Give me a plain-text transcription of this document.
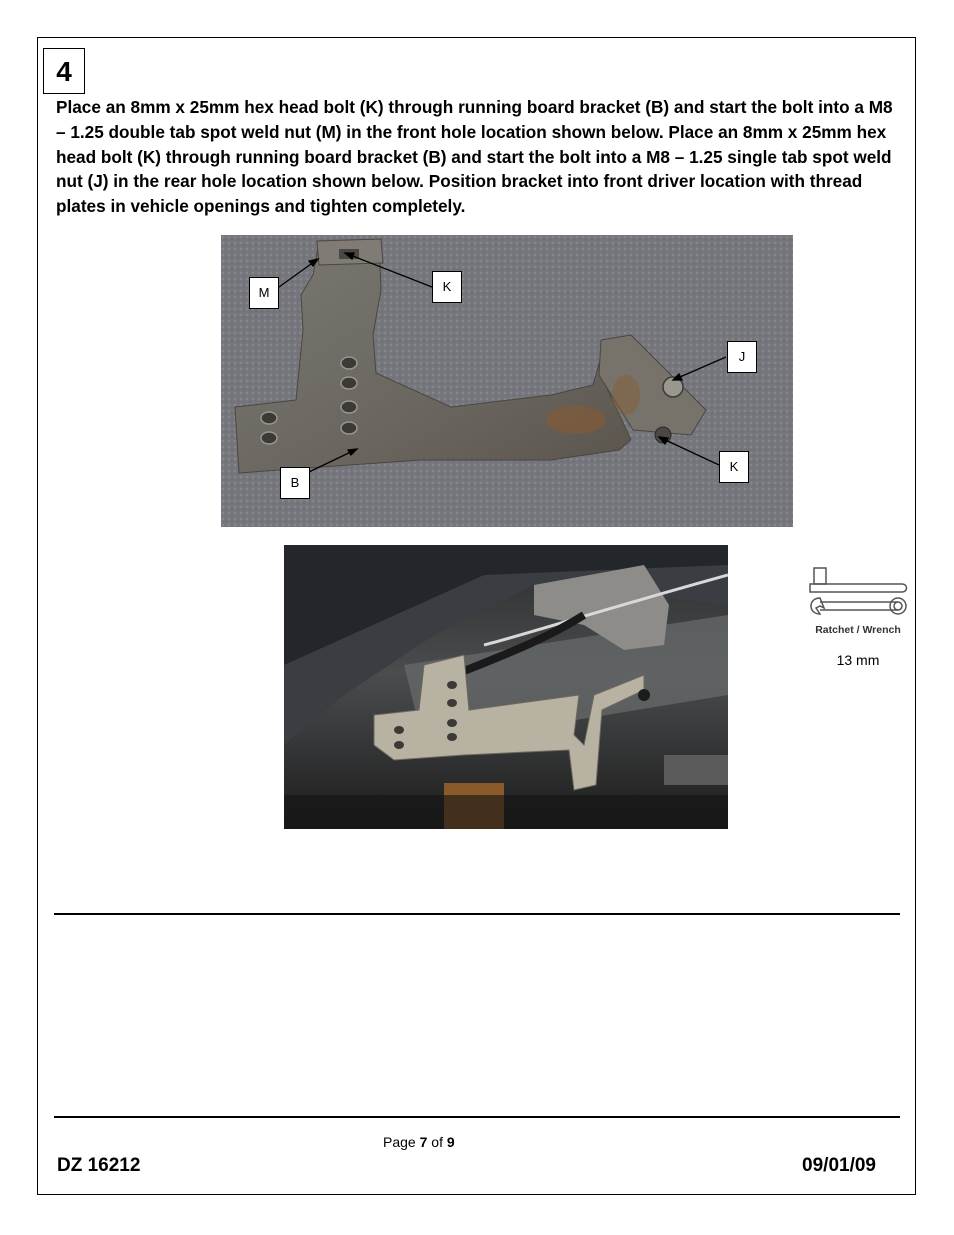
4

Place an 8mm x 25mm hex head bolt (K) through running board bracket (B) and start the bolt into a M8 – 1.25 double tab spot weld nut (M) in the front hole location shown below. Place an 8mm x 25mm hex head bolt (K) through running board bracket (B) and start the bolt into a M8 – 1.25 single tab spot weld nut (J) in the rear hole location shown below. Position bracket into front driver location with thread plates in vehicle openings and tighten completely.

M	K
J
K
B
Ratchet / Wrench
13 mm
Page 7 of 9
DZ 16212	09/01/09
